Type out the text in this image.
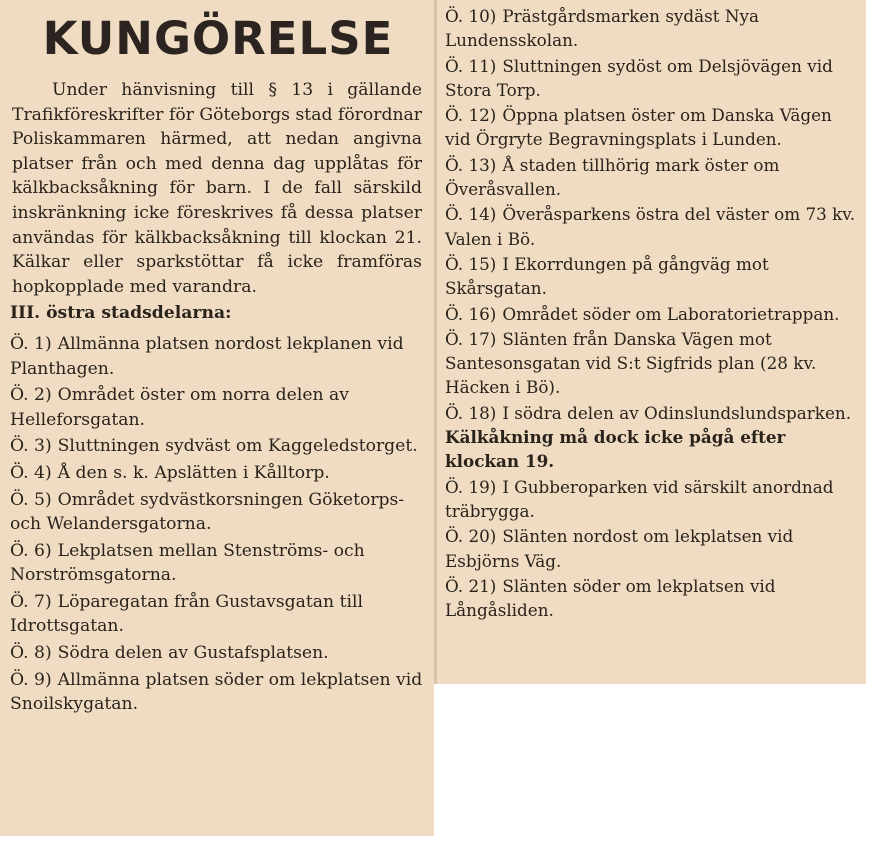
KUNGÖRELSE

Under hänvisning till § 13 i gällande Trafikföreskrifter för Göteborgs stad förordnar Poliskammaren härmed, att nedan angivna platser från och med denna dag upplåtas för kälkbacksåkning för barn. I de fall särskild inskränkning icke föreskrives få dessa platser användas för kälkbacksåkning till klockan 21. Kälkar eller sparkstöttar få icke framföras hopkopplade med varandra.

III. östra stadsdelarna:

Ö. 1) Allmänna platsen nordost lekplanen vid Planthagen.

Ö. 2) Området öster om norra delen av Helleforsgatan.

Ö. 3) Sluttningen sydväst om Kaggeledstorget.

Ö. 4) Å den s. k. Apslätten i Kålltorp.

Ö. 5) Området sydvästkorsningen Göketorps- och Welandersgatorna.

Ö. 6) Lekplatsen mellan Stenströms- och Norströmsgatorna.

Ö. 7) Löparegatan från Gustavsgatan till Idrottsgatan.

Ö. 8) Södra delen av Gustafsplatsen.

Ö. 9) Allmänna platsen söder om lekplatsen vid Snoilskygatan.

Ö. 10) Prästgårdsmarken sydäst Nya Lundensskolan.

Ö. 11) Sluttningen sydöst om Delsjövägen vid Stora Torp.

Ö. 12) Öppna platsen öster om Danska Vägen vid Örgryte Begravningsplats i Lunden.

Ö. 13) Å staden tillhörig mark öster om Överåsvallen.

Ö. 14) Överåsparkens östra del väster om 73 kv. Valen i Bö.

Ö. 15) I Ekorrdungen på gångväg mot Skårsgatan.

Ö. 16) Området söder om Laboratorietrappan.

Ö. 17) Slänten från Danska Vägen mot Santesonsgatan vid S:t Sigfrids plan (28 kv. Häcken i Bö).

Ö. 18) I södra delen av Odinslundslundsparken. Kälkåkning må dock icke pågå efter klockan 19.

Ö. 19) I Gubberoparken vid särskilt anordnad träbrygga.

Ö. 20) Slänten nordost om lekplatsen vid Esbjörns Väg.

Ö. 21) Slänten söder om lekplatsen vid Långåsliden.
